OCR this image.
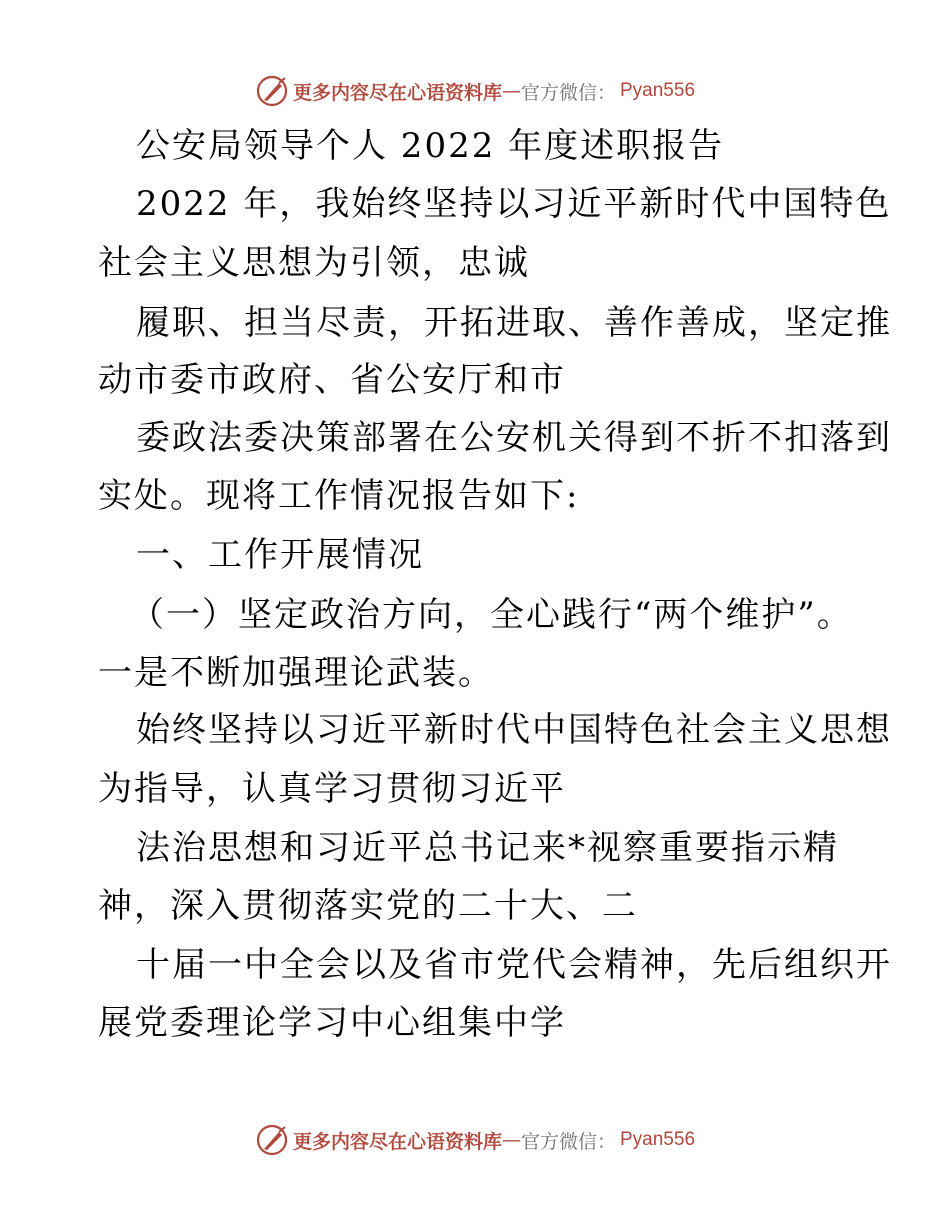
更多内容尽在心语资料库 — 官方微信： Pyan556
公安局领导个人 2022 年度述职报告
2022 年，我始终坚持以习近平新时代中国特色
社会主义思想为引领，忠诚
履职、担当尽责，开拓进取、善作善成，坚定推
动市委市政府、省公安厅和市
委政法委决策部署在公安机关得到不折不扣落到
实处。现将工作情况报告如下:
一、工作开展情况
（一）坚定政治方向，全心践行“两个维护”。
一是不断加强理论武装。
始终坚持以习近平新时代中国特色社会主义思想
为指导，认真学习贯彻习近平
法治思想和习近平总书记来*视察重要指示精
神，深入贯彻落实党的二十大、二
十届一中全会以及省市党代会精神，先后组织开
展党委理论学习中心组集中学
更多内容尽在心语资料库 — 官方微信： Pyan556
